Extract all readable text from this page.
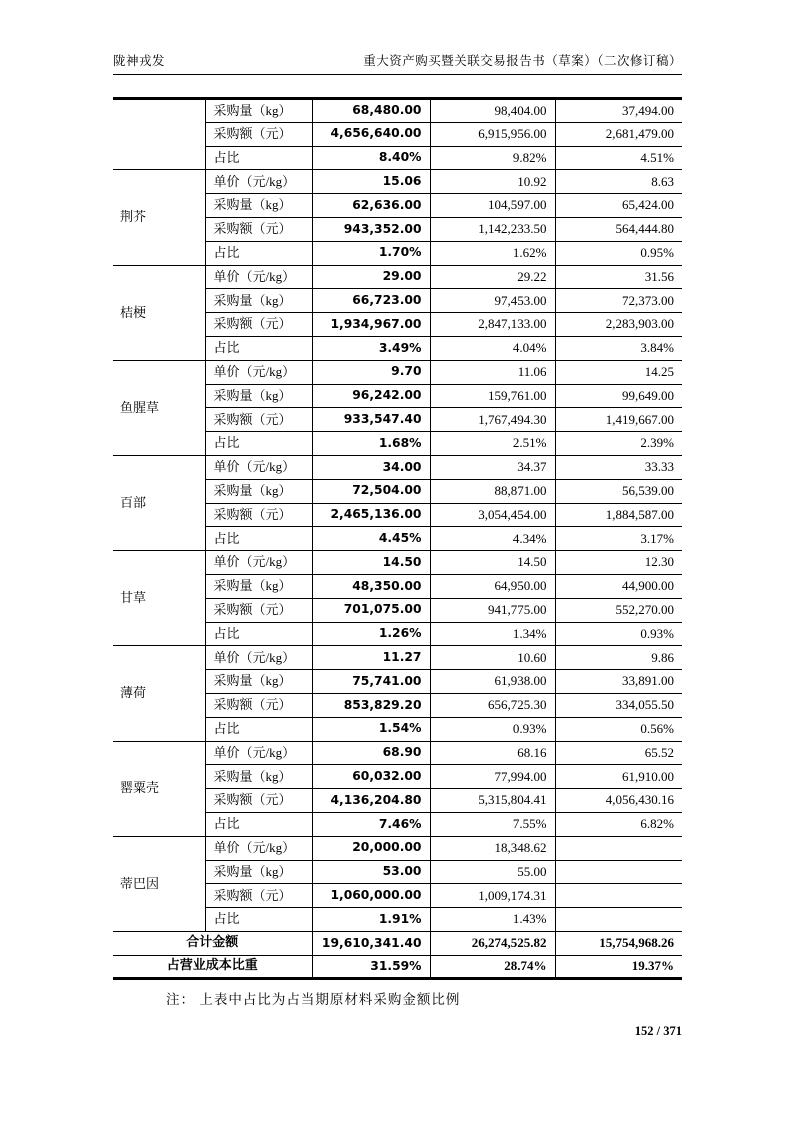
陇神戎发	重大资产购买暨关联交易报告书（草案）（二次修订稿）
	采购量（kg）	68,480.00	98,404.00	37,494.00
	采购额（元）	4,656,640.00	6,915,956.00	2,681,479.00
	占比	8.40%	9.82%	4.51%
荆芥	单价（元/kg）	15.06	10.92	8.63
	采购量（kg）	62,636.00	104,597.00	65,424.00
	采购额（元）	943,352.00	1,142,233.50	564,444.80
	占比	1.70%	1.62%	0.95%
桔梗	单价（元/kg）	29.00	29.22	31.56
	采购量（kg）	66,723.00	97,453.00	72,373.00
	采购额（元）	1,934,967.00	2,847,133.00	2,283,903.00
	占比	3.49%	4.04%	3.84%
鱼腥草	单价（元/kg）	9.70	11.06	14.25
	采购量（kg）	96,242.00	159,761.00	99,649.00
	采购额（元）	933,547.40	1,767,494.30	1,419,667.00
	占比	1.68%	2.51%	2.39%
百部	单价（元/kg）	34.00	34.37	33.33
	采购量（kg）	72,504.00	88,871.00	56,539.00
	采购额（元）	2,465,136.00	3,054,454.00	1,884,587.00
	占比	4.45%	4.34%	3.17%
甘草	单价（元/kg）	14.50	14.50	12.30
	采购量（kg）	48,350.00	64,950.00	44,900.00
	采购额（元）	701,075.00	941,775.00	552,270.00
	占比	1.26%	1.34%	0.93%
薄荷	单价（元/kg）	11.27	10.60	9.86
	采购量（kg）	75,741.00	61,938.00	33,891.00
	采购额（元）	853,829.20	656,725.30	334,055.50
	占比	1.54%	0.93%	0.56%
罂粟壳	单价（元/kg）	68.90	68.16	65.52
	采购量（kg）	60,032.00	77,994.00	61,910.00
	采购额（元）	4,136,204.80	5,315,804.41	4,056,430.16
	占比	7.46%	7.55%	6.82%
蒂巴因	单价（元/kg）	20,000.00	18,348.62	
	采购量（kg）	53.00	55.00	
	采购额（元）	1,060,000.00	1,009,174.31	
	占比	1.91%	1.43%	
合计金额		19,610,341.40	26,274,525.82	15,754,968.26
占营业成本比重		31.59%	28.74%	19.37%
注： 上表中占比为占当期原材料采购金额比例
152 / 371
